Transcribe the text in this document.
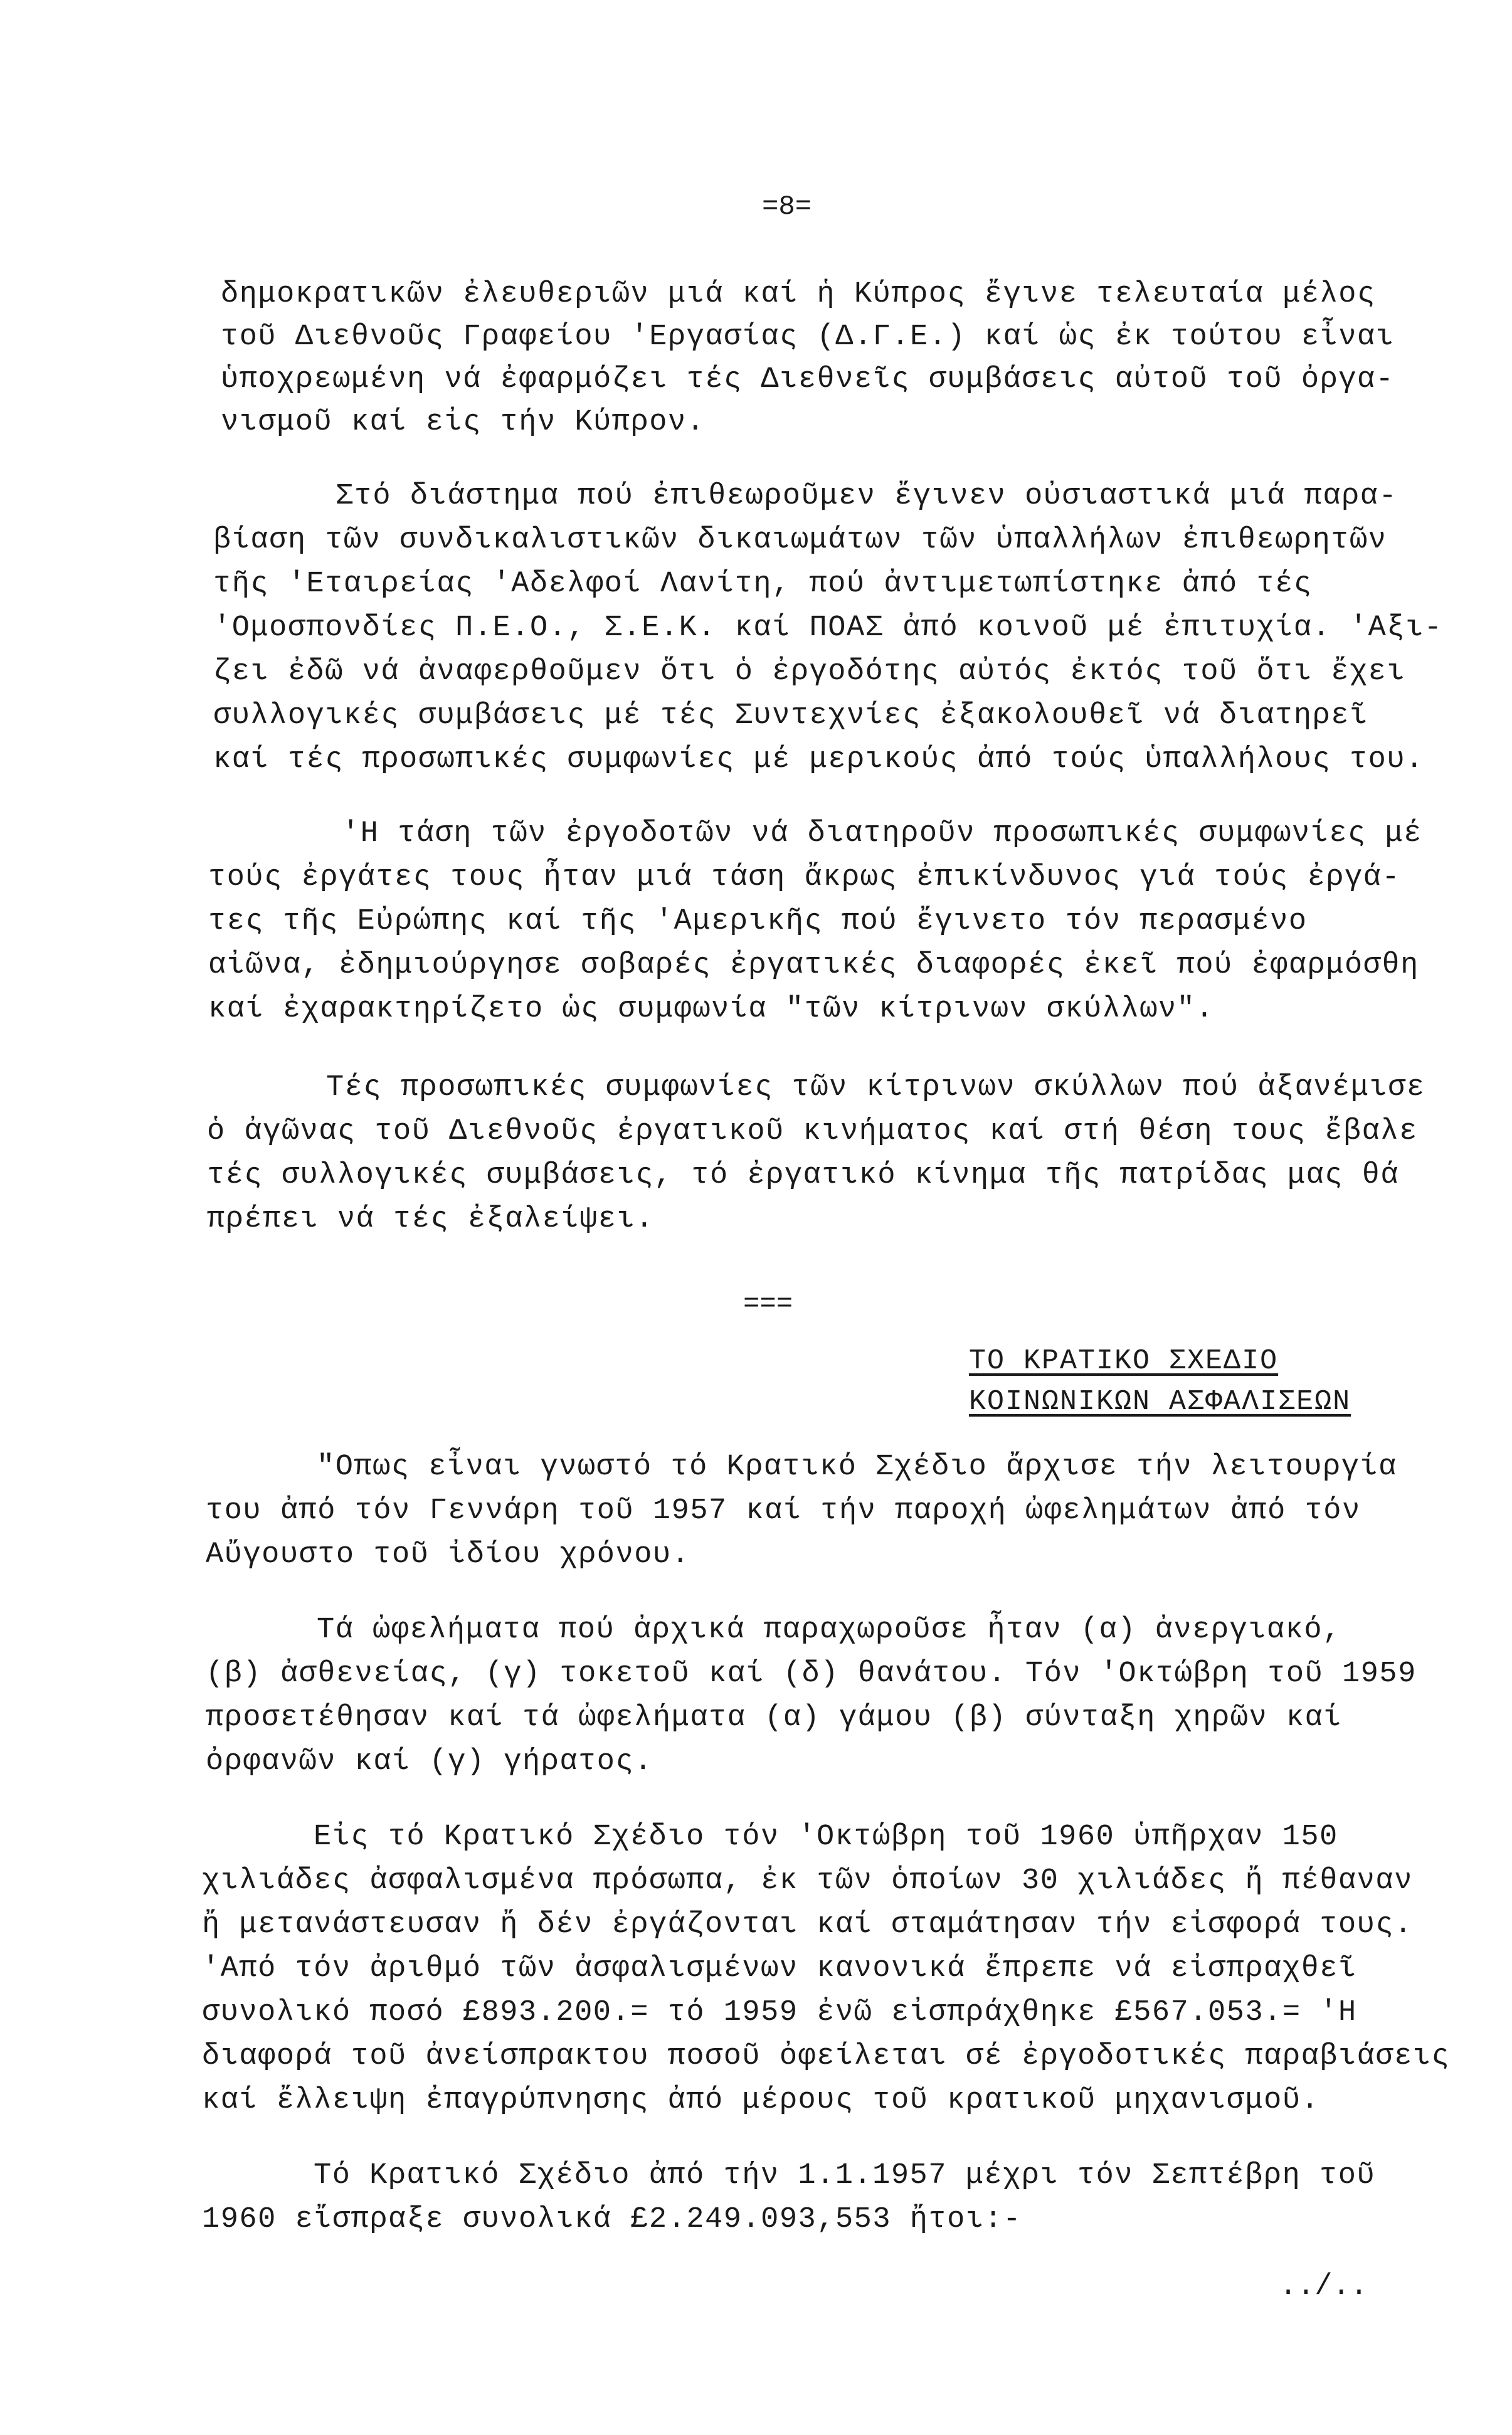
=8=
δημοκρατικῶν ἐλευθεριῶν μιά καί ἡ Κύπρος ἔγινε τελευταία μέλος
τοῦ Διεθνοῦς Γραφείου 'Εργασίας (Δ.Γ.Ε.) καί ὡς ἐκ τούτου εἶναι
ὑποχρεωμένη νά ἐφαρμόζει τές Διεθνεῖς συμβάσεις αὐτοῦ τοῦ ὀργα-
νισμοῦ καί εἰς τήν Κύπρον.
Στό διάστημα πού ἐπιθεωροῦμεν ἔγινεν οὐσιαστικά μιά παρα-
βίαση τῶν συνδικαλιστικῶν δικαιωμάτων τῶν ὑπαλλήλων ἐπιθεωρητῶν
τῆς 'Εταιρείας 'Αδελφοί Λανίτη, πού ἀντιμετωπίστηκε ἀπό τές
'Ομοσπονδίες Π.Ε.Ο., Σ.Ε.Κ. καί ΠΟΑΣ ἀπό κοινοῦ μέ ἐπιτυχία. 'Αξι-
ζει ἐδῶ νά ἀναφερθοῦμεν ὅτι ὁ ἐργοδότης αὐτός ἐκτός τοῦ ὅτι ἔχει
συλλογικές συμβάσεις μέ τές Συντεχνίες ἐξακολουθεῖ νά διατηρεῖ
καί τές προσωπικές συμφωνίες μέ μερικούς ἀπό τούς ὑπαλλήλους του.
'Η τάση τῶν ἐργοδοτῶν νά διατηροῦν προσωπικές συμφωνίες μέ
τούς ἐργάτες τους ἦταν μιά τάση ἄκρως ἐπικίνδυνος γιά τούς ἐργά-
τες τῆς Εὐρώπης καί τῆς 'Αμερικῆς πού ἔγινετο τόν περασμένο
αἰῶνα, ἐδημιούργησε σοβαρές ἐργατικές διαφορές ἐκεῖ πού ἐφαρμόσθη
καί ἐχαρακτηρίζετο ὡς συμφωνία "τῶν κίτρινων σκύλλων".
Τές προσωπικές συμφωνίες τῶν κίτρινων σκύλλων πού ἀξανέμισε
ὁ ἀγῶνας τοῦ Διεθνοῦς ἐργατικοῦ κινήματος καί στή θέση τους ἔβαλε
τές συλλογικές συμβάσεις, τό ἐργατικό κίνημα τῆς πατρίδας μας θά
πρέπει νά τές ἐξαλείψει.
===
ΤΟ ΚΡΑΤΙΚΟ ΣΧΕΔΙΟ
ΚΟΙΝΩΝΙΚΩΝ ΑΣΦΑΛΙΣΕΩΝ
"Οπως εἶναι γνωστό τό Κρατικό Σχέδιο ἄρχισε τήν λειτουργία
του ἀπό τόν Γεννάρη τοῦ 1957 καί τήν παροχή ὠφελημάτων ἀπό τόν
Αὔγουστο τοῦ ἰδίου χρόνου.
Τά ὠφελήματα πού ἀρχικά παραχωροῦσε ἦταν (α) ἀνεργιακό,
(β) ἀσθενείας, (γ) τοκετοῦ καί (δ) θανάτου. Τόν 'Οκτώβρη τοῦ 1959
προσετέθησαν καί τά ὠφελήματα (α) γάμου (β) σύνταξη χηρῶν καί
ὀρφανῶν καί (γ) γήρατος.
Εἰς τό Κρατικό Σχέδιο τόν 'Οκτώβρη τοῦ 1960 ὑπῆρχαν 150
χιλιάδες ἀσφαλισμένα πρόσωπα, ἐκ τῶν ὁποίων 30 χιλιάδες ἤ πέθαναν
ἤ μετανάστευσαν ἤ δέν ἐργάζονται καί σταμάτησαν τήν εἰσφορά τους.
'Από τόν ἀριθμό τῶν ἀσφαλισμένων κανονικά ἔπρεπε νά εἰσπραχθεῖ
συνολικό ποσό £893.200.= τό 1959 ἐνῶ εἰσπράχθηκε £567.053.= 'Η
διαφορά τοῦ ἀνείσπρακτου ποσοῦ ὀφείλεται σέ ἐργοδοτικές παραβιάσεις
καί ἔλλειψη ἐπαγρύπνησης ἀπό μέρους τοῦ κρατικοῦ μηχανισμοῦ.
Τό Κρατικό Σχέδιο ἀπό τήν 1.1.1957 μέχρι τόν Σεπτέβρη τοῦ
1960 εἴσπραξε συνολικά £2.249.093,553 ἤτοι:-
../..
